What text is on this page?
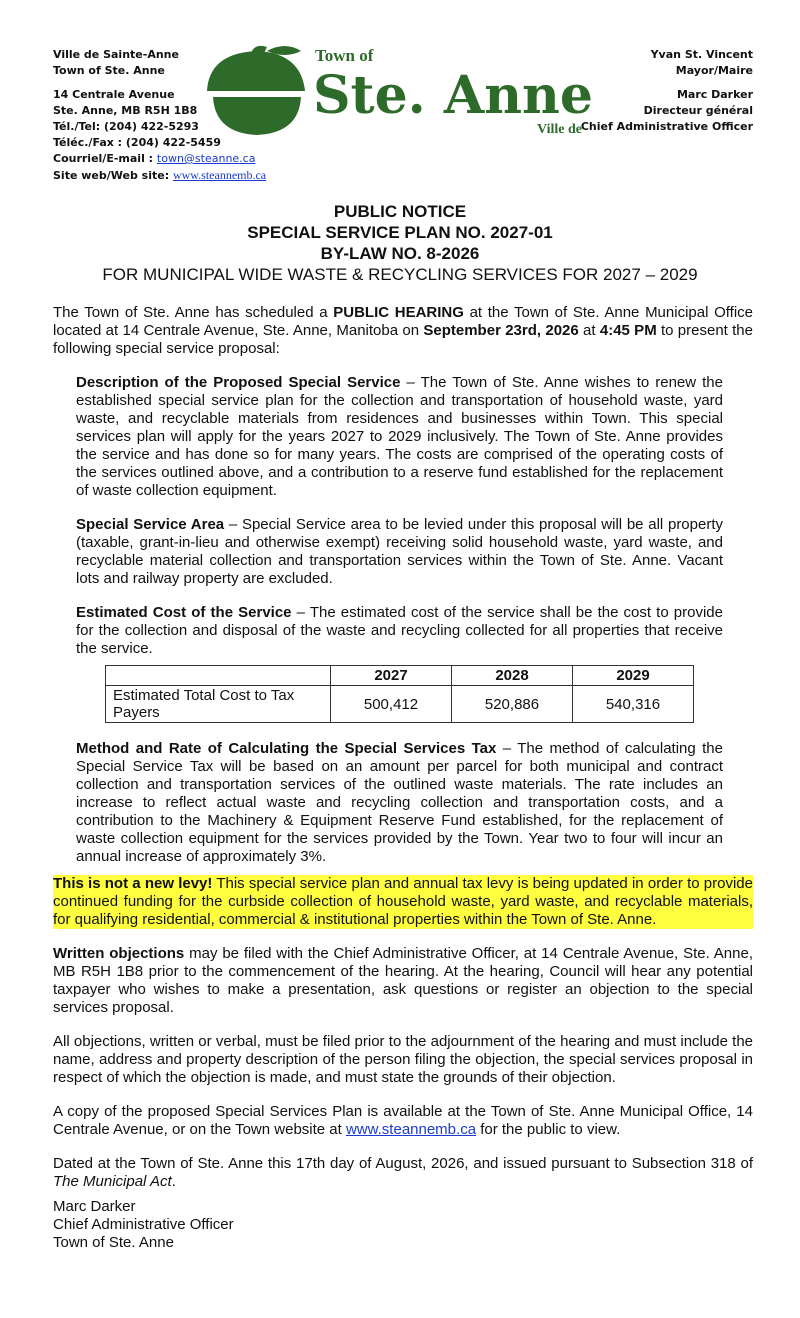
Ville de Sainte-Anne
Town of Ste. Anne
14 Centrale Avenue
Ste. Anne, MB R5H 1B8
Tél./Tel: (204) 422-5293
Téléc./Fax : (204) 422-5459
Courriel/E-mail : town@steanne.ca
Site web/Web site: www.steannemb.ca
Town of
Ste. Anne
Ville de
Yvan St. Vincent
Mayor/Maire
Marc Darker
Directeur général
Chief Administrative Officer
PUBLIC NOTICE
SPECIAL SERVICE PLAN NO. 2027-01
BY-LAW NO. 8-2026
FOR MUNICIPAL WIDE WASTE & RECYCLING SERVICES FOR 2027 – 2029
The Town of Ste. Anne has scheduled a PUBLIC HEARING at the Town of Ste. Anne Municipal Office located at 14 Centrale Avenue, Ste. Anne, Manitoba on September 23rd, 2026 at 4:45 PM to present the following special service proposal:
Description of the Proposed Special Service – The Town of Ste. Anne wishes to renew the established special service plan for the collection and transportation of household waste, yard waste, and recyclable materials from residences and businesses within Town. This special services plan will apply for the years 2027 to 2029 inclusively. The Town of Ste. Anne provides the service and has done so for many years. The costs are comprised of the operating costs of the services outlined above, and a contribution to a reserve fund established for the replacement of waste collection equipment.
Special Service Area – Special Service area to be levied under this proposal will be all property (taxable, grant-in-lieu and otherwise exempt) receiving solid household waste, yard waste, and recyclable material collection and transportation services within the Town of Ste. Anne. Vacant lots and railway property are excluded.
Estimated Cost of the Service – The estimated cost of the service shall be the cost to provide for the collection and disposal of the waste and recycling collected for all properties that receive the service.
	2027	2028	2029
Estimated Total Cost to Tax Payers	500,412	520,886	540,316
Method and Rate of Calculating the Special Services Tax – The method of calculating the Special Service Tax will be based on an amount per parcel for both municipal and contract collection and transportation services of the outlined waste materials. The rate includes an increase to reflect actual waste and recycling collection and transportation costs, and a contribution to the Machinery & Equipment Reserve Fund established, for the replacement of waste collection equipment for the services provided by the Town. Year two to four will incur an annual increase of approximately 3%.
This is not a new levy! This special service plan and annual tax levy is being updated in order to provide continued funding for the curbside collection of household waste, yard waste, and recyclable materials, for qualifying residential, commercial & institutional properties within the Town of Ste. Anne.
Written objections may be filed with the Chief Administrative Officer, at 14 Centrale Avenue, Ste. Anne, MB R5H 1B8 prior to the commencement of the hearing. At the hearing, Council will hear any potential taxpayer who wishes to make a presentation, ask questions or register an objection to the special services proposal.
All objections, written or verbal, must be filed prior to the adjournment of the hearing and must include the name, address and property description of the person filing the objection, the special services proposal in respect of which the objection is made, and must state the grounds of their objection.
A copy of the proposed Special Services Plan is available at the Town of Ste. Anne Municipal Office, 14 Centrale Avenue, or on the Town website at www.steannemb.ca for the public to view.
Dated at the Town of Ste. Anne this 17th day of August, 2026, and issued pursuant to Subsection 318 of The Municipal Act.
Marc Darker
Chief Administrative Officer
Town of Ste. Anne
